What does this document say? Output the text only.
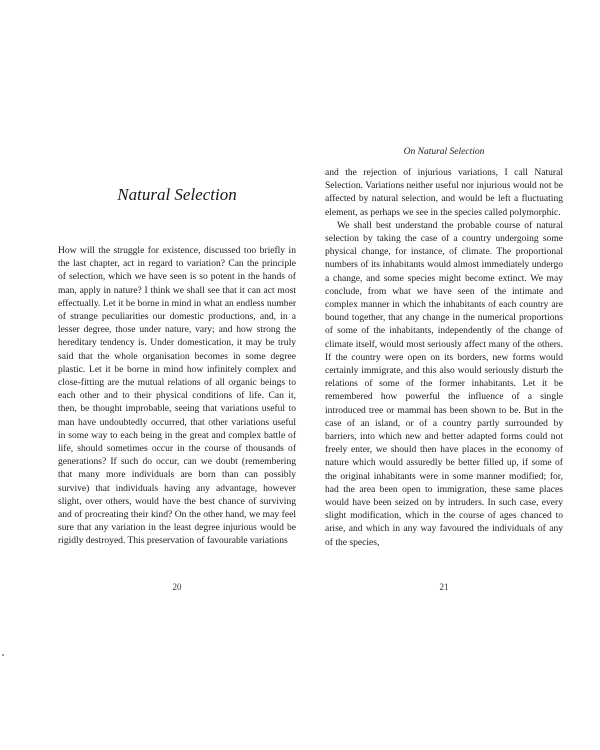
Natural Selection

How will the struggle for existence, discussed too briefly in the last chapter, act in regard to variation? Can the principle of selection, which we have seen is so potent in the hands of man, apply in nature? I think we shall see that it can act most effectually. Let it be borne in mind in what an endless number of strange peculiarities our domestic productions, and, in a lesser degree, those under nature, vary; and how strong the hereditary tendency is. Under domestication, it may be truly said that the whole organisation becomes in some degree plastic. Let it be borne in mind how infinitely complex and close-fitting are the mutual relations of all organic beings to each other and to their physical conditions of life. Can it, then, be thought improbable, seeing that variations useful to man have undoubtedly occurred, that other variations useful in some way to each being in the great and complex battle of life, should sometimes occur in the course of thousands of generations? If such do occur, can we doubt (remembering that many more individuals are born than can possibly survive) that individuals having any advantage, however slight, over others, would have the best chance of surviving and of procreating their kind? On the other hand, we may feel sure that any variation in the least degree injurious would be rigidly destroyed. This preservation of favourable variations

20
On Natural Selection

and the rejection of injurious variations, I call Natural Selection. Variations neither useful nor injurious would not be affected by natural selection, and would be left a fluctuating element, as perhaps we see in the species called polymorphic.

We shall best understand the probable course of natural selection by taking the case of a country undergoing some physical change, for instance, of climate. The proportional numbers of its inhabitants would almost immediately undergo a change, and some species might become extinct. We may conclude, from what we have seen of the intimate and complex manner in which the inhabitants of each country are bound together, that any change in the numerical proportions of some of the inhabitants, independently of the change of climate itself, would most seriously affect many of the others. If the country were open on its borders, new forms would certainly immigrate, and this also would seriously disturb the relations of some of the former inhabitants. Let it be remembered how powerful the influence of a single introduced tree or mammal has been shown to be. But in the case of an island, or of a country partly surrounded by barriers, into which new and better adapted forms could not freely enter, we should then have places in the economy of nature which would assuredly be better filled up, if some of the original inhabitants were in some manner modified; for, had the area been open to immigration, these same places would have been seized on by intruders. In such case, every slight modification, which in the course of ages chanced to arise, and which in any way favoured the individuals of any of the species,

21
